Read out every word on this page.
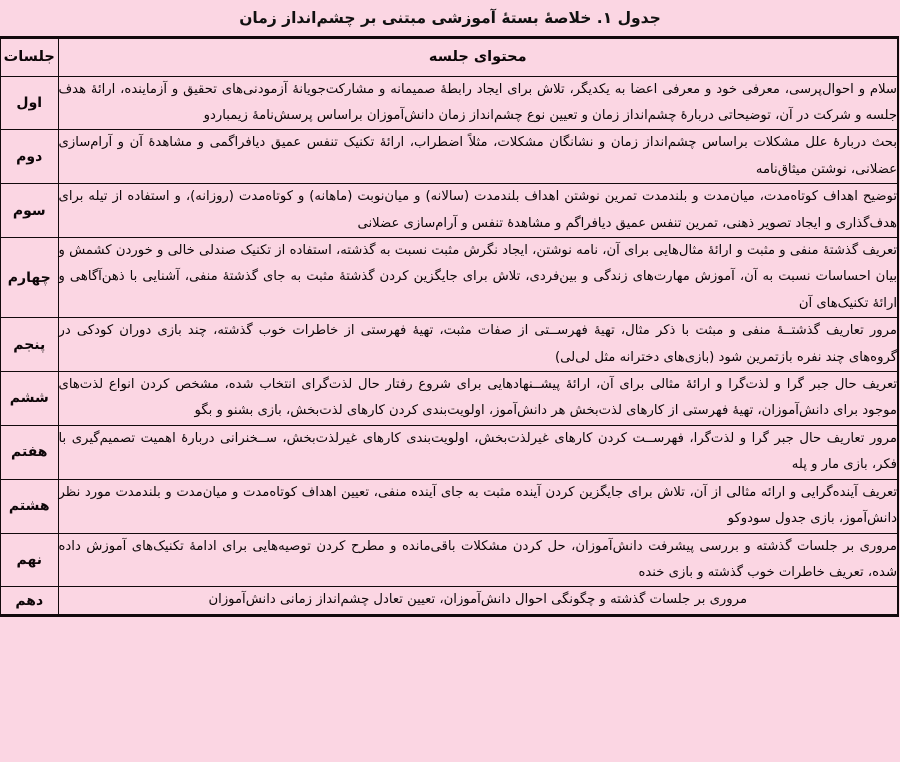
جدول ۱. خلاصۀ بستۀ آموزشی مبتنی بر چشم‌انداز زمان
محتوای جلسه	جلسات
سلام و احوال‌پرسی، معرفی خود و معرفی اعضا به یکدیگر، تلاش برای ایجاد رابطۀ صمیمانه و مشارکت‌جویانۀ آزمودنی‌های تحقیق و آزماینده، ارائۀ هدف جلسه و شرکت در آن، توضیحاتی دربارۀ چشم‌انداز زمان و تعیین نوع چشم‌انداز زمان دانش‌آموزان براساس پرسش‌نامۀ زیمباردو	اول
بحث دربارۀ علل مشکلات براساس چشم‌انداز زمان و نشانگان مشکلات، مثلاً اضطراب، ارائۀ تکنیک تنفس عمیق دیافراگمی و مشاهدۀ آن و آرام‌سازی عضلانی، نوشتن میثاق‌نامه	دوم
توضیح اهداف کوتاه‌مدت، میان‌مدت و بلندمدت تمرین نوشتن اهداف بلندمدت (سالانه) و میان‌نوبت (ماهانه) و کوتاه‌مدت (روزانه)، و استفاده از تیله برای هدف‌گذاری و ایجاد تصویر ذهنی، تمرین تنفس عمیق دیافراگم و مشاهدۀ تنفس و آرام‌سازی عضلانی	سوم
تعریف گذشتۀ منفی و مثبت و ارائۀ مثال‌هایی برای آن، نامه نوشتن، ایجاد نگرش مثبت نسبت به گذشته، استفاده از تکنیک صندلی خالی و خوردن کشمش و بیان احساسات نسبت به آن، آموزش مهارت‌های زندگی و بین‌فردی، تلاش برای جایگزین کردن گذشتۀ مثبت به جای گذشتۀ منفی، آشنایی با ذهن‌آگاهی و ارائۀ تکنیک‌های آن	چهارم
مرور تعاریف گذشتــۀ منفی و مبثت با ذکر مثال، تهیۀ فهرســتی از صفات مثبت، تهیۀ فهرستی از خاطرات خوب گذشته، چند بازی دوران کودکی در گروه‌های چند نفره بازتمرین شود (بازی‌های دخترانه مثل لی‌لی)	پنجم
تعریف حال جبر گرا و لذت‌گرا و ارائۀ مثالی برای آن، ارائۀ پیشــنهادهایی برای شروع رفتار حال لذت‌گرای انتخاب شده، مشخص کردن انواع لذت‌های موجود برای دانش‌آموزان، تهیۀ فهرستی از کارهای لذت‌بخش هر دانش‌آموز، اولویت‌بندی کردن کارهای لذت‌بخش، بازی بشنو و بگو	ششم
مرور تعاریف حال جبر گرا و لذت‌گرا، فهرســت کردن کارهای غیرلذت‌بخش، اولویت‌بندی کارهای غیرلذت‌بخش، ســخنرانی دربارۀ اهمیت تصمیم‌گیری با فکر، بازی مار و پله	هفتم
تعریف آینده‌گرایی و ارائه مثالی از آن، تلاش برای جایگزین کردن آینده مثبت به جای آینده منفی، تعیین اهداف کوتاه‌مدت و میان‌مدت و بلندمدت مورد نظر دانش‌آموز، بازی جدول سودوکو	هشتم
مروری بر جلسات گذشته و بررسی پیشرفت دانش‌آموزان، حل کردن مشکلات باقی‌مانده و مطرح کردن توصیه‌هایی برای ادامۀ تکنیک‌های آموزش داده شده، تعریف خاطرات خوب گذشته و بازی خنده	نهم
مروری بر جلسات گذشته و چگونگی احوال دانش‌آموزان، تعیین تعادل چشم‌انداز زمانی دانش‌آموزان	دهم
